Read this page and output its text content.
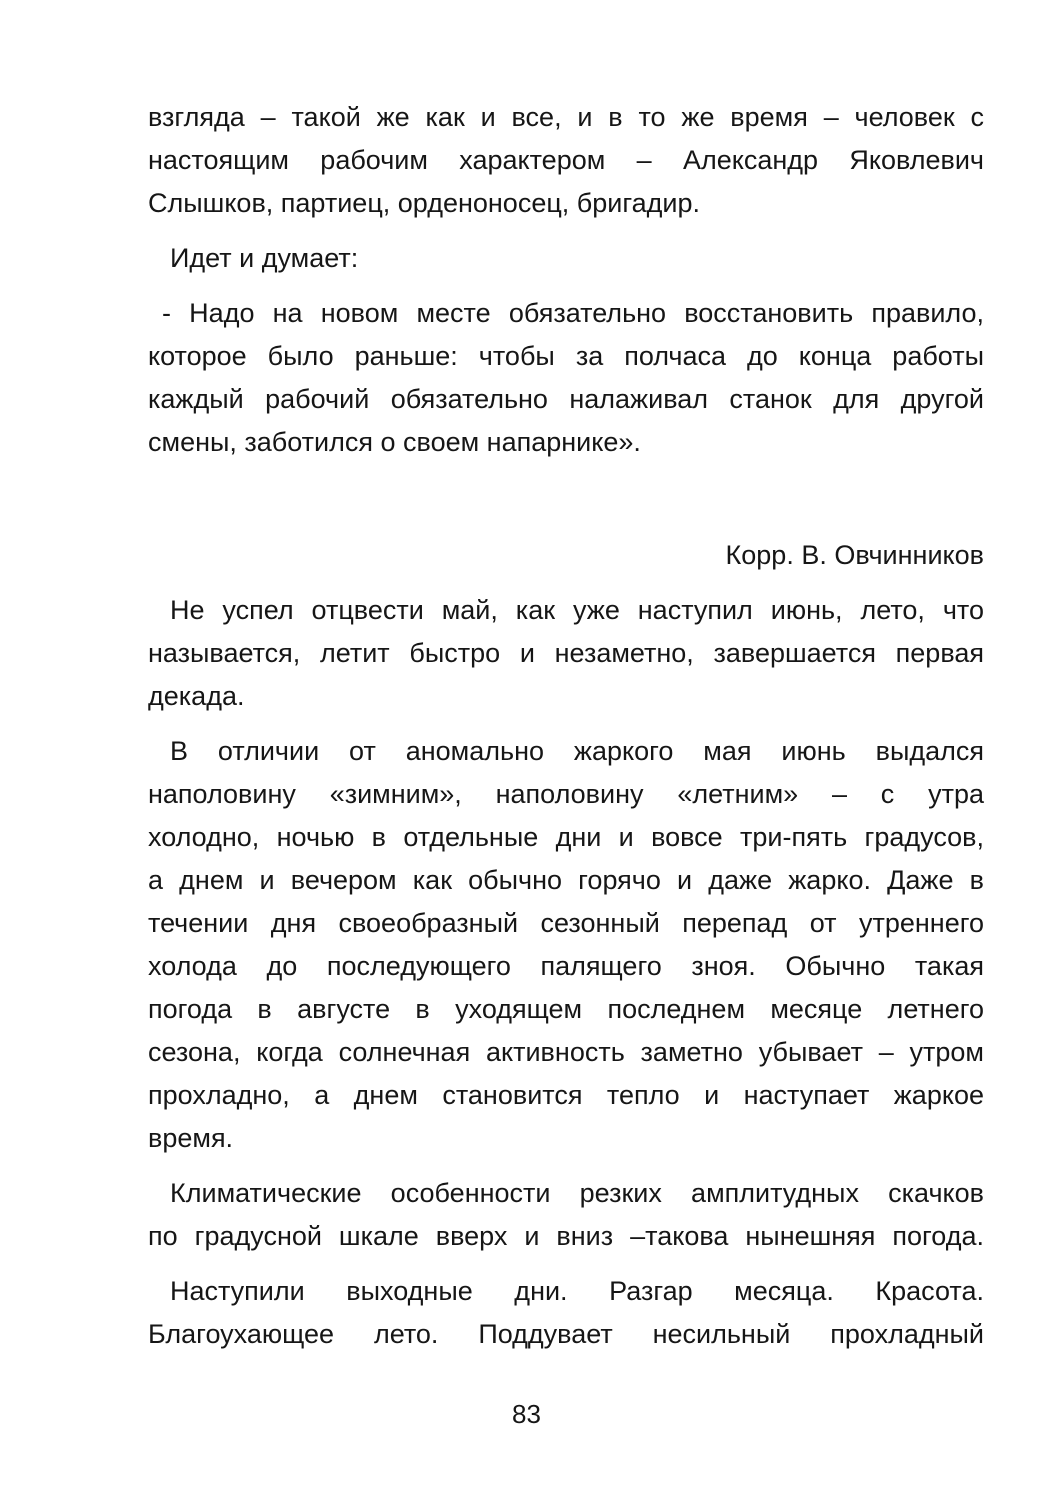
взгляда – такой же как и все, и в то же время – человек с
настоящим рабочим характером – Александр Яковлевич
Слышков, партиец, орденоносец, бригадир.
Идет и думает:
- Надо на новом месте обязательно восстановить правило,
которое было раньше: чтобы за полчаса до конца работы
каждый рабочий обязательно налаживал станок для другой
смены, заботился о своем напарнике».
Корр. В. Овчинников
Не успел отцвести май, как уже наступил июнь, лето, что
называется, летит быстро и незаметно, завершается первая
декада.
В отличии от аномально жаркого мая июнь выдался
наполовину «зимним», наполовину «летним» – с утра
холодно, ночью в отдельные дни и вовсе три-пять градусов,
а днем и вечером как обычно горячо и даже жарко. Даже в
течении дня своеобразный сезонный перепад от утреннего
холода до последующего палящего зноя. Обычно такая
погода в августе в уходящем последнем месяце летнего
сезона, когда солнечная активность заметно убывает – утром
прохладно, а днем становится тепло и наступает жаркое
время.
Климатические особенности резких амплитудных скачков
по градусной шкале вверх и вниз –такова нынешняя погода.
Наступили выходные дни. Разгар месяца. Красота.
Благоухающее лето. Поддувает несильный прохладный
83
